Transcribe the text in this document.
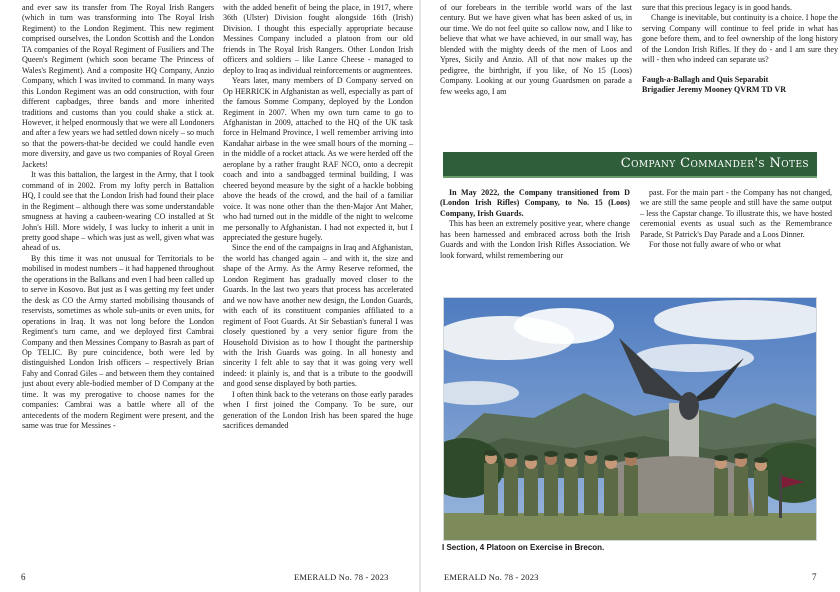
and ever saw its transfer from The Royal Irish Rangers (which in turn was transforming into The Royal Irish Regiment) to the London Regiment. This new regiment comprised ourselves, the London Scottish and the London TA companies of the Royal Regiment of Fusiliers and The Queen's Regiment (which soon became The Princess of Wales's Regiment). And a composite HQ Company, Anzio Company, which I was invited to command. In many ways this London Regiment was an odd construction, with four different capbadges, three bands and more inherited traditions and customs than you could shake a stick at. However, it helped enormously that we were all Londoners and after a few years we had settled down nicely – so much so that the powers-that-be decided we could handle even more diversity, and gave us two companies of Royal Green Jackets!

It was this battalion, the largest in the Army, that I took command of in 2002. From my lofty perch in Battalion HQ, I could see that the London Irish had found their place in the Regiment – although there was some understandable smugness at having a caubeen-wearing CO installed at St John's Hill. More widely, I was lucky to inherit a unit in pretty good shape – which was just as well, given what was ahead of us.

By this time it was not unusual for Territorials to be mobilised in modest numbers – it had happened throughout the operations in the Balkans and even I had been called up to serve in Kosovo. But just as I was getting my feet under the desk as CO the Army started mobilising thousands of reservists, sometimes as whole sub-units or even units, for operations in Iraq. It was not long before the London Regiment's turn came, and we deployed first Cambrai Company and then Messines Company to Basrah as part of Op TELIC. By pure coincidence, both were led by distinguished London Irish officers – respectively Brian Fahy and Conrad Giles – and between them they contained just about every able-bodied member of D Company at the time. It was my prerogative to choose names for the companies: Cambrai was a battle where all of the antecedents of the modern Regiment were present, and the same was true for Messines -

with the added benefit of being the place, in 1917, where 36th (Ulster) Division fought alongside 16th (Irish) Division. I thought this especially appropriate because Messines Company included a platoon from our old friends in The Royal Irish Rangers. Other London Irish officers and soldiers – like Lance Cheese - managed to deploy to Iraq as individual reinforcements or augmentees.

Years later, many members of D Company served on Op HERRICK in Afghanistan as well, especially as part of the famous Somme Company, deployed by the London Regiment in 2007. When my own turn came to go to Afghanistan in 2009, attached to the HQ of the UK task force in Helmand Province, I well remember arriving into Kandahar airbase in the wee small hours of the morning – in the middle of a rocket attack. As we were herded off the aeroplane by a rather fraught RAF NCO, onto a decrepit coach and into a sandbagged terminal building, I was cheered beyond measure by the sight of a hackle bobbing above the heads of the crowd, and the hail of a familiar voice. It was none other than the then-Major Ant Maher, who had turned out in the middle of the night to welcome me personally to Afghanistan. I had not expected it, but I appreciated the gesture hugely.

Since the end of the campaigns in Iraq and Afghanistan, the world has changed again – and with it, the size and shape of the Army. As the Army Reserve reformed, the London Regiment has gradually moved closer to the Guards. In the last two years that process has accelerated and we now have another new design, the London Guards, with each of its constituent companies affiliated to a regiment of Foot Guards. At Sir Sebastian's funeral I was closely questioned by a very senior figure from the Household Division as to how I thought the partnership with the Irish Guards was going. In all honesty and sincerity I felt able to say that it was going very well indeed: it plainly is, and that is a tribute to the goodwill and good sense displayed by both parties.

I often think back to the veterans on those early parades when I first joined the Company. To be sure, our generation of the London Irish has been spared the huge sacrifices demanded

6	EMERALD No. 78 - 2023

of our forebears in the terrible world wars of the last century. But we have given what has been asked of us, in our time. We do not feel quite so callow now, and I like to believe that what we have achieved, in our small way, has blended with the mighty deeds of the men of Loos and Ypres, Sicily and Anzio. All of that now makes up the pedigree, the birthright, if you like, of No 15 (Loos) Company. Looking at our young Guardsmen on parade a few weeks ago, I am

sure that this precious legacy is in good hands.

Change is inevitable, but continuity is a choice. I hope the serving Company will continue to feel pride in what has gone before them, and to feel ownership of the long history of the London Irish Rifles. If they do - and I am sure they will - then who indeed can separate us?

Faugh-a-Ballagh and Quis Separabit
Brigadier Jeremy Mooney QVRM TD VR

Company Commander's Notes

In May 2022, the Company transitioned from D (London Irish Rifles) Company, to No. 15 (Loos) Company, Irish Guards.

This has been an extremely positive year, where change has been harnessed and embraced across both the Irish Guards and with the London Irish Rifles Association. We look forward, whilst remembering our

past. For the main part - the Company has not changed, we are still the same people and still have the same output – less the Capstar change. To illustrate this, we have hosted ceremonial events as usual such as the Remembrance Parade, St Patrick's Day Parade and a Loos Dinner.

For those not fully aware of who or what

I Section, 4 Platoon on Exercise in Brecon.
EMERALD No. 78 - 2023	7
